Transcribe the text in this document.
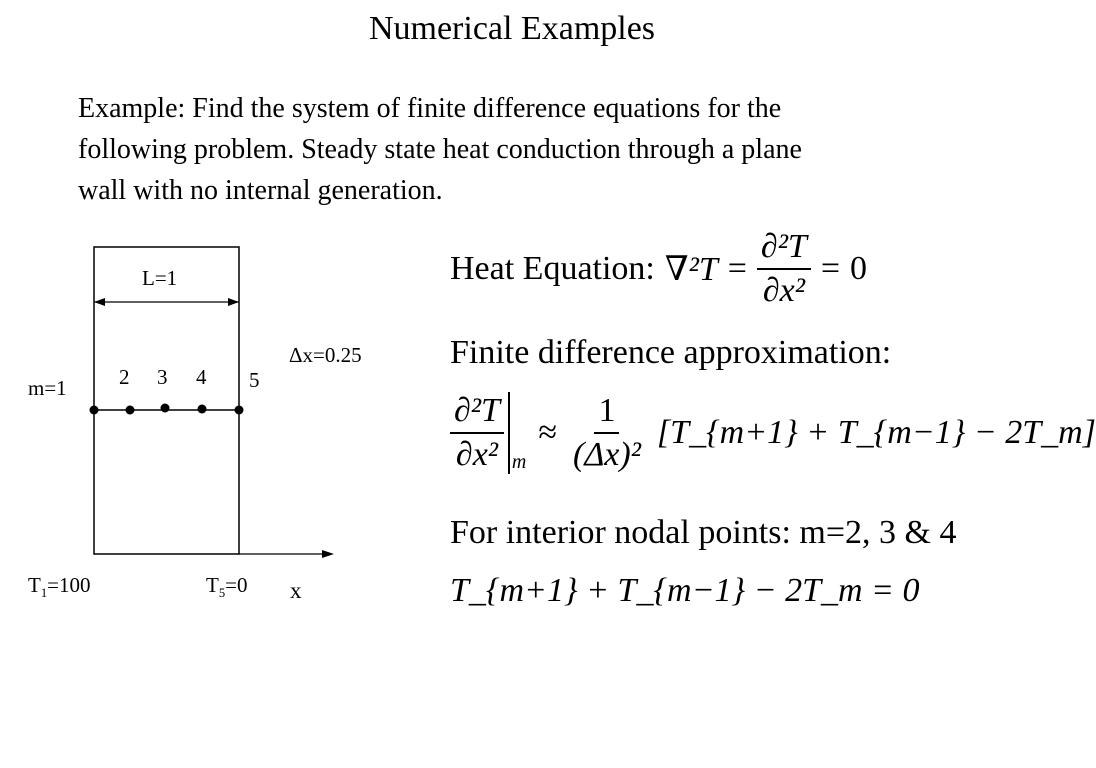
Numerical Examples
Example: Find the system of finite difference equations for the
following problem. Steady state heat conduction through a plane
wall with no internal generation.
L=1
Δx=0.25
m=1 2 3 4 5
$T_1=100$	$T_5=0$ x
Heat Equation: $\nabla^2T = \frac{\text{∂²T}}{\text{∂x²}} = 0$
Finite difference approximation:
$\frac{\text{∂²T}}{\text{∂x²}}$ m
≈ $\frac{1}{\text{(Δx)²}}$ [T_{m+1} + T_{m−1} − 2T_m]
For interior nodal points: m=2, 3 & 4
T_{m+1} + T_{m−1} − 2T_m = 0
